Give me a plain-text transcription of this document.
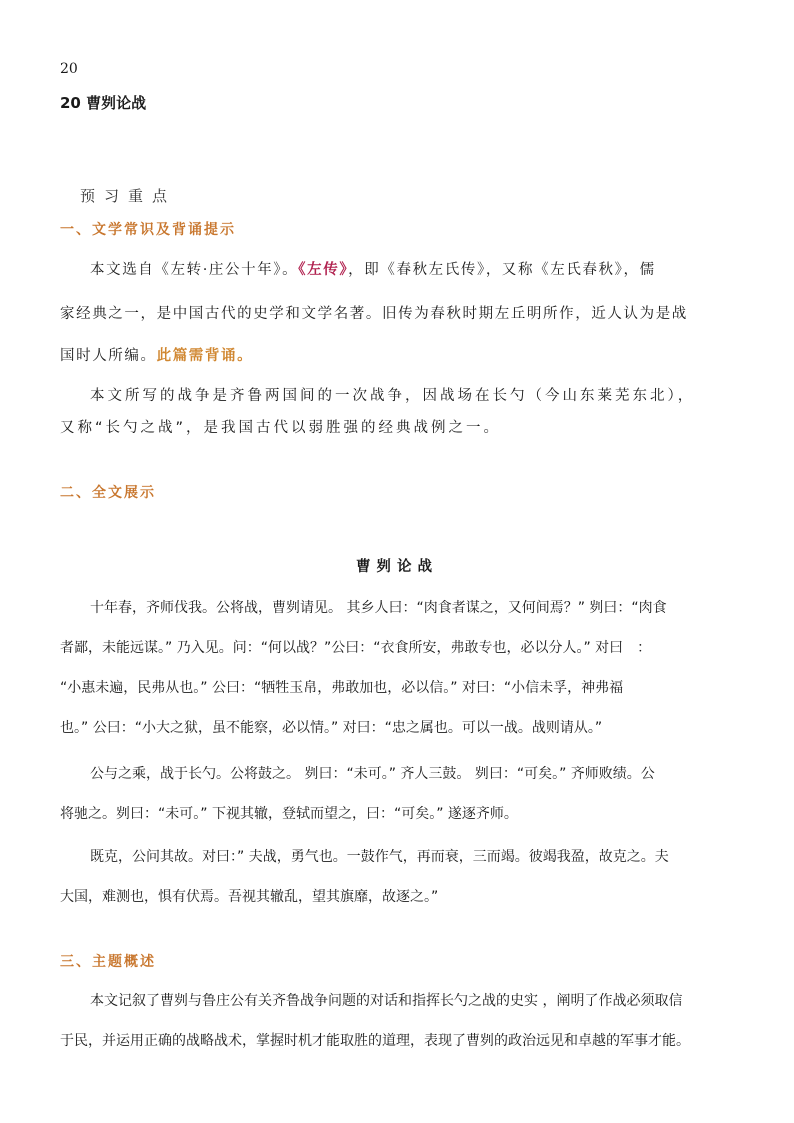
20
20 曹刿论战
预习重点
一、文学常识及背诵提示
本文选自《左转·庄公十年》。《左传》，即《春秋左氏传》，又称《左氏春秋》，儒
家经典之一，是中国古代的史学和文学名著。旧传为春秋时期左丘明所作，近人认为是战
国时人所编。此篇需背诵。
本文所写的战争是齐鲁两国间的一次战争，因战场在长勺（今山东莱芜东北），
又称“长勺之战”，是我国古代以弱胜强的经典战例之一。
二、全文展示
曹刿论战
十年春，齐师伐我。公将战，曹刿请见。 其乡人曰：“肉食者谋之，又何间焉？” 刿曰：“肉食
者鄙，未能远谋。” 乃入见。问：“何以战？”公曰：“衣食所安，弗敢专也，必以分人。” 对曰　：
“小惠未遍，民弗从也。” 公曰：“牺牲玉帛，弗敢加也，必以信。” 对曰：“小信未孚，神弗福
也。” 公曰：“小大之狱，虽不能察，必以情。” 对曰：“忠之属也。可以一战。战则请从。”
公与之乘，战于长勺。公将鼓之。 刿曰：“未可。” 齐人三鼓。 刿曰：“可矣。” 齐师败绩。公
将驰之。刿曰：“未可。” 下视其辙，登轼而望之，曰：“可矣。” 遂逐齐师。
既克，公问其故。对曰：” 夫战，勇气也。一鼓作气，再而衰，三而竭。彼竭我盈，故克之。夫
大国，难测也，惧有伏焉。吾视其辙乱，望其旗靡，故逐之。”
三、主题概述
本文记叙了曹刿与鲁庄公有关齐鲁战争问题的对话和指挥长勺之战的史实 ，阐明了作战必须取信
于民，并运用正确的战略战术，掌握时机才能取胜的道理，表现了曹刿的政治远见和卓越的军事才能。
